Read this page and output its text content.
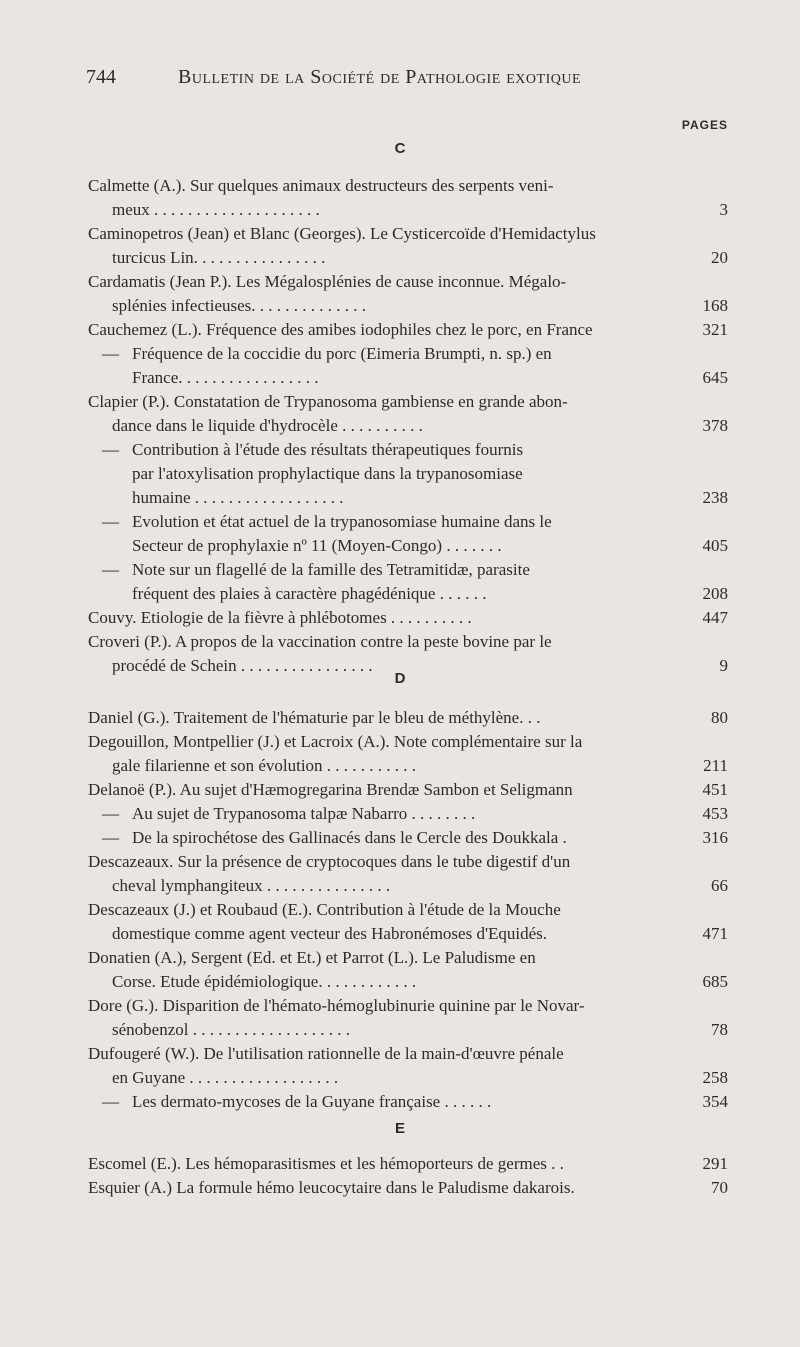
744	Bulletin de la Société de Pathologie exotique
PAGES
C
Calmette (A.). Sur quelques animaux destructeurs des serpents veni-
meux . . . . . . . . . . . . . . . . . . . .	3
Caminopetros (Jean) et Blanc (Georges). Le Cysticercoïde d'Hemidactylus
turcicus Lin. . . . . . . . . . . . . . . .	20
Cardamatis (Jean P.). Les Mégalosplénies de cause inconnue. Mégalo-
splénies infectieuses. . . . . . . . . . . . . .	168
Cauchemez (L.). Fréquence des amibes iodophiles chez le porc, en France	321
— Fréquence de la coccidie du porc (Eimeria Brumpti, n. sp.) en
France. . . . . . . . . . . . . . . . .	645
Clapier (P.). Constatation de Trypanosoma gambiense en grande abon-
dance dans le liquide d'hydrocèle . . . . . . . . . .	378
— Contribution à l'étude des résultats thérapeutiques fournis
par l'atoxylisation prophylactique dans la trypanosomiase
humaine . . . . . . . . . . . . . . . . . .	238
— Evolution et état actuel de la trypanosomiase humaine dans le
Secteur de prophylaxie nº 11 (Moyen-Congo) . . . . . . .	405
— Note sur un flagellé de la famille des Tetramitidæ, parasite
fréquent des plaies à caractère phagédénique . . . . . .	208
Couvy. Etiologie de la fièvre à phlébotomes . . . . . . . . . .	447
Croveri (P.). A propos de la vaccination contre la peste bovine par le
procédé de Schein . . . . . . . . . . . . . . . .	9
D
Daniel (G.). Traitement de l'hématurie par le bleu de méthylène. . .	80
Degouillon, Montpellier (J.) et Lacroix (A.). Note complémentaire sur la
gale filarienne et son évolution . . . . . . . . . . .	211
Delanoë (P.). Au sujet d'Hæmogregarina Brendæ Sambon et Seligmann	451
— Au sujet de Trypanosoma talpæ Nabarro . . . . . . . .	453
— De la spirochétose des Gallinacés dans le Cercle des Doukkala .	316
Descazeaux. Sur la présence de cryptocoques dans le tube digestif d'un
cheval lymphangiteux . . . . . . . . . . . . . . .	66
Descazeaux (J.) et Roubaud (E.). Contribution à l'étude de la Mouche
domestique comme agent vecteur des Habronémoses d'Equidés.	471
Donatien (A.), Sergent (Ed. et Et.) et Parrot (L.). Le Paludisme en
Corse. Etude épidémiologique. . . . . . . . . . . .	685
Dore (G.). Disparition de l'hémato-hémoglubinurie quinine par le Novar-
sénobenzol . . . . . . . . . . . . . . . . . . .	78
Dufougeré (W.). De l'utilisation rationnelle de la main-d'œuvre pénale
en Guyane . . . . . . . . . . . . . . . . . .	258
— Les dermato-mycoses de la Guyane française . . . . . .	354
E
Escomel (E.). Les hémoparasitismes et les hémoporteurs de germes . .	291
Esquier (A.) La formule hémo leucocytaire dans le Paludisme dakarois.	70
